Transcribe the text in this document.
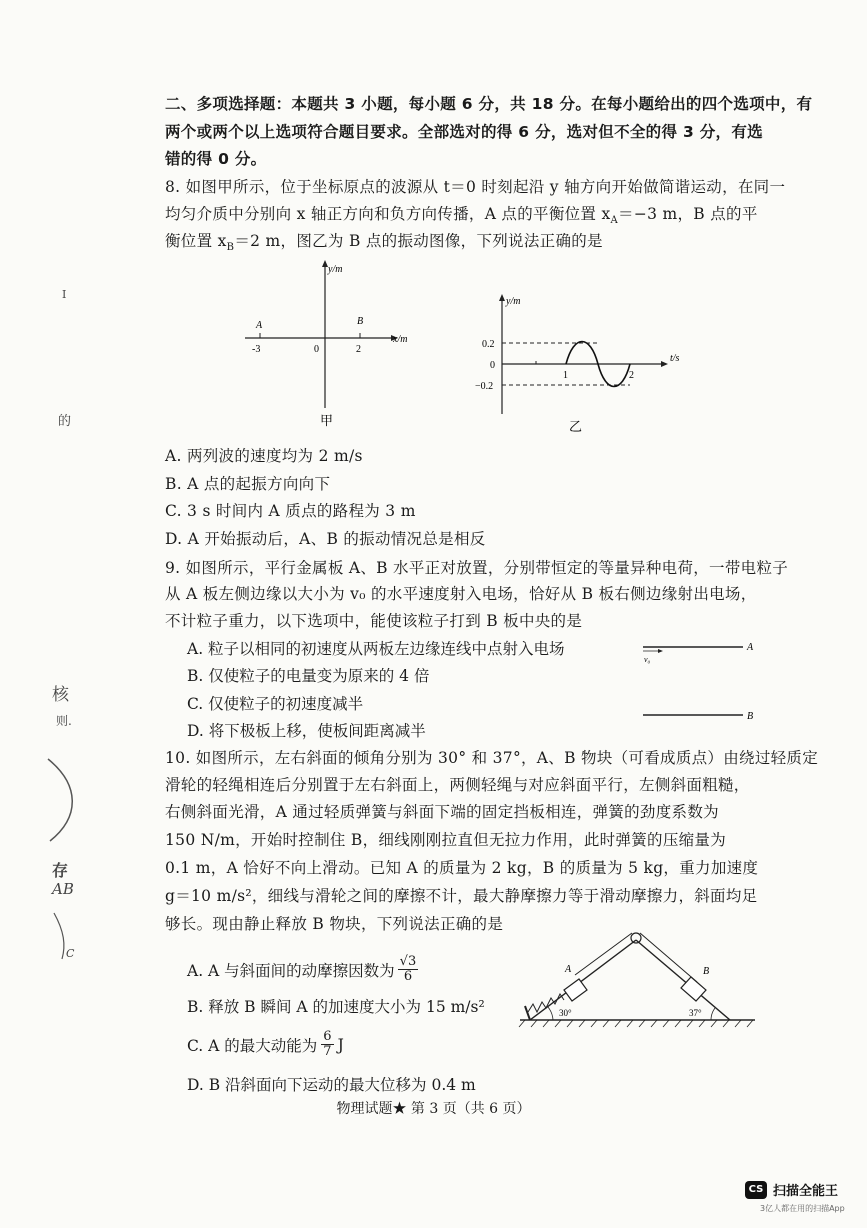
二、多项选择题：本题共 3 小题，每小题 6 分，共 18 分。在每小题给出的四个选项中，有
两个或两个以上选项符合题目要求。全部选对的得 6 分，选对但不全的得 3 分，有选
错的得 0 分。
8. 如图甲所示，位于坐标原点的波源从 t＝0 时刻起沿 y 轴方向开始做简谐运动，在同一
均匀介质中分别向 x 轴正方向和负方向传播，A 点的平衡位置 $x_A=-3$ m，B 点的平
衡位置 $x_B=2$ m，图乙为 B 点的振动图像，下列说法正确的是
y/m
x/m
A	B
-3	0	2
甲
y/m
t/s
0.2
0
−0.2
1	2
乙
A. 两列波的速度均为 2 m/s
B. A 点的起振方向向下
C. 3 s 时间内 A 质点的路程为 3 m
D. A 开始振动后，A、B 的振动情况总是相反
9. 如图所示，平行金属板 A、B 水平正对放置，分别带恒定的等量异种电荷，一带电粒子
从 A 板左侧边缘以大小为 v₀ 的水平速度射入电场，恰好从 B 板右侧边缘射出电场，
不计粒子重力，以下选项中，能使该粒子打到 B 板中央的是
A. 粒子以相同的初速度从两板左边缘连线中点射入电场
B. 仅使粒子的电量变为原来的 4 倍
C. 仅使粒子的初速度减半
D. 将下极板上移，使板间距离减半
A
B
v₀
10. 如图所示，左右斜面的倾角分别为 30° 和 37°，A、B 物块（可看成质点）由绕过轻质定
滑轮的轻绳相连后分别置于左右斜面上，两侧轻绳与对应斜面平行，左侧斜面粗糙，
右侧斜面光滑，A 通过轻质弹簧与斜面下端的固定挡板相连，弹簧的劲度系数为
150 N/m，开始时控制住 B，细线刚刚拉直但无拉力作用，此时弹簧的压缩量为
0.1 m，A 恰好不向上滑动。已知 A 的质量为 2 kg，B 的质量为 5 kg，重力加速度
g＝10 m/s²，细线与滑轮之间的摩擦不计，最大静摩擦力等于滑动摩擦力，斜面均足
够长。现由静止释放 B 物块，下列说法正确的是
A. A 与斜面间的动摩擦因数为 $\frac{√3}{6}$
B. 释放 B 瞬间 A 的加速度大小为 15 m/s²
C. A 的最大动能为 $\frac{6}{7}$ J
D. B 沿斜面向下运动的最大位移为 0.4 m
A	B
30°	37°
物理试题★ 第 3 页（共 6 页）
I
的
核
则.
存
AB
C
CS 扫描全能王
3亿人都在用的扫描App
